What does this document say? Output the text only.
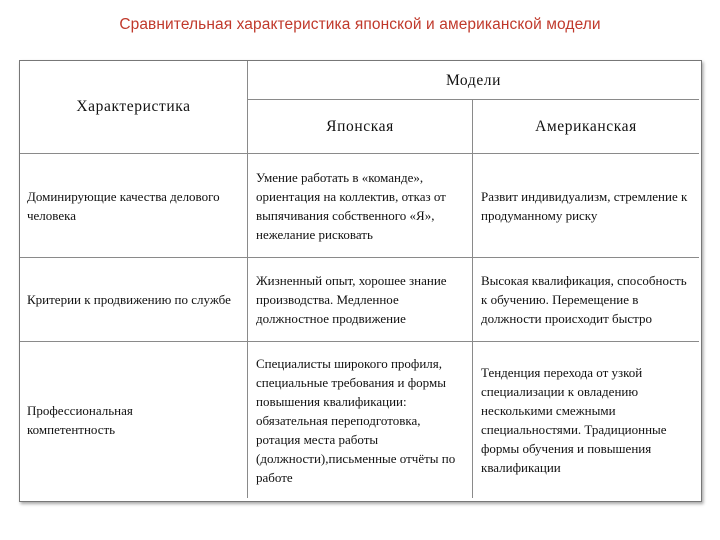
Сравнительная характеристика японской и американской модели
Характеристика
Модели
Японская	Американская
Доминирующие качества делового человека
Умение работать в «команде», ориентация на коллектив, отказ от выпячивания собственного «Я», нежелание рисковать
Развит индивидуализм, стремление к продуманному риску
Критерии к продвижению по службе
Жизненный опыт, хорошее знание производства. Медленное должностное продвижение
Высокая квалификация, способность к обучению. Перемещение в должности происходит быстро
Профессиональная компетентность
Специалисты широкого профиля, специальные требования и формы повышения квалификации: обязательная переподготовка, ротация места работы (должности),письменные отчёты по работе
Тенденция перехода от узкой специализации к овладению несколькими смежными специальностями. Традиционные формы обучения и повышения квалификации
